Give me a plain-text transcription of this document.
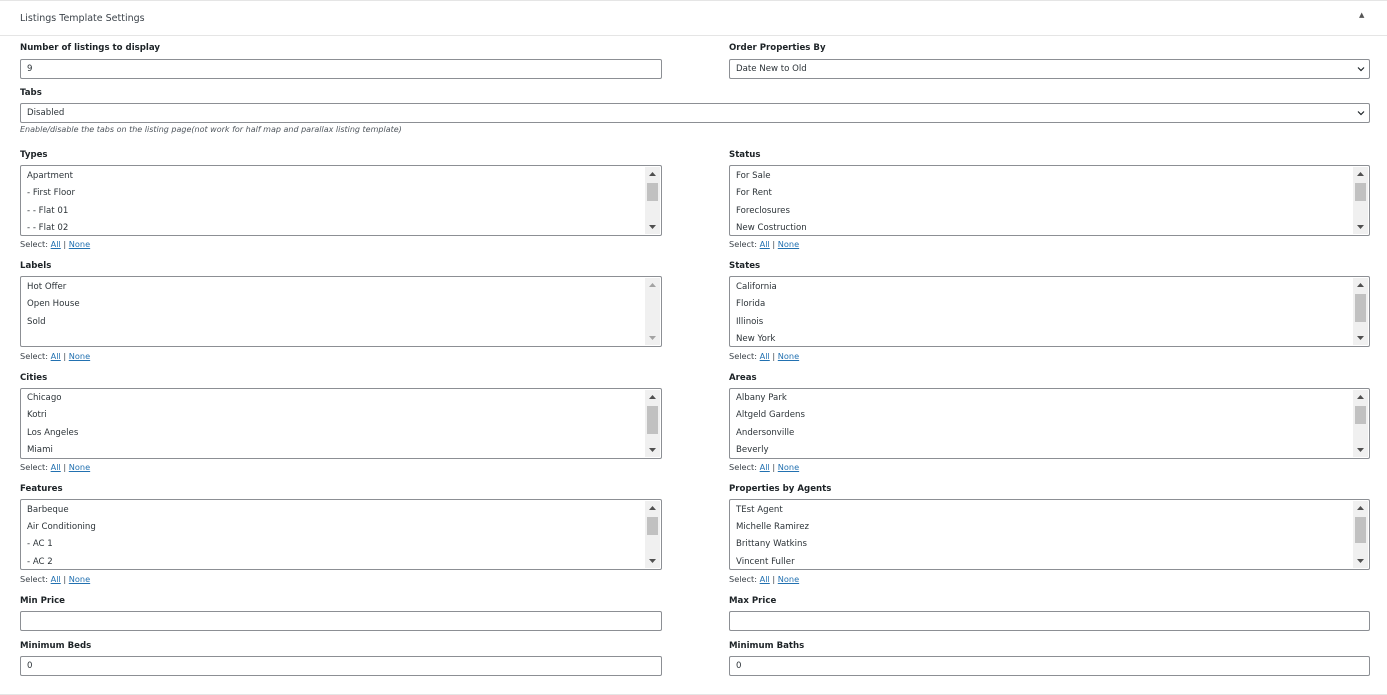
Listings Template Settings	▲
Number of listings to display
9
Order Properties By
Date New to Old
Tabs
Disabled
Enable/disable the tabs on the listing page(not work for half map and parallax listing template)
Types
Apartment
- First Floor
- - Flat 01
- - Flat 02
Select: All | None
Status
For Sale
For Rent
Foreclosures
New Costruction
Select: All | None
Labels
Hot Offer
Open House
Sold
Select: All | None
States
California
Florida
Illinois
New York
Select: All | None
Cities
Chicago
Kotri
Los Angeles
Miami
Select: All | None
Areas
Albany Park
Altgeld Gardens
Andersonville
Beverly
Select: All | None
Features
Barbeque
Air Conditioning
- AC 1
- AC 2
Select: All | None
Properties by Agents
TEst Agent
Michelle Ramirez
Brittany Watkins
Vincent Fuller
Select: All | None
Min Price	Max Price
Minimum Beds
0
Minimum Baths
0
